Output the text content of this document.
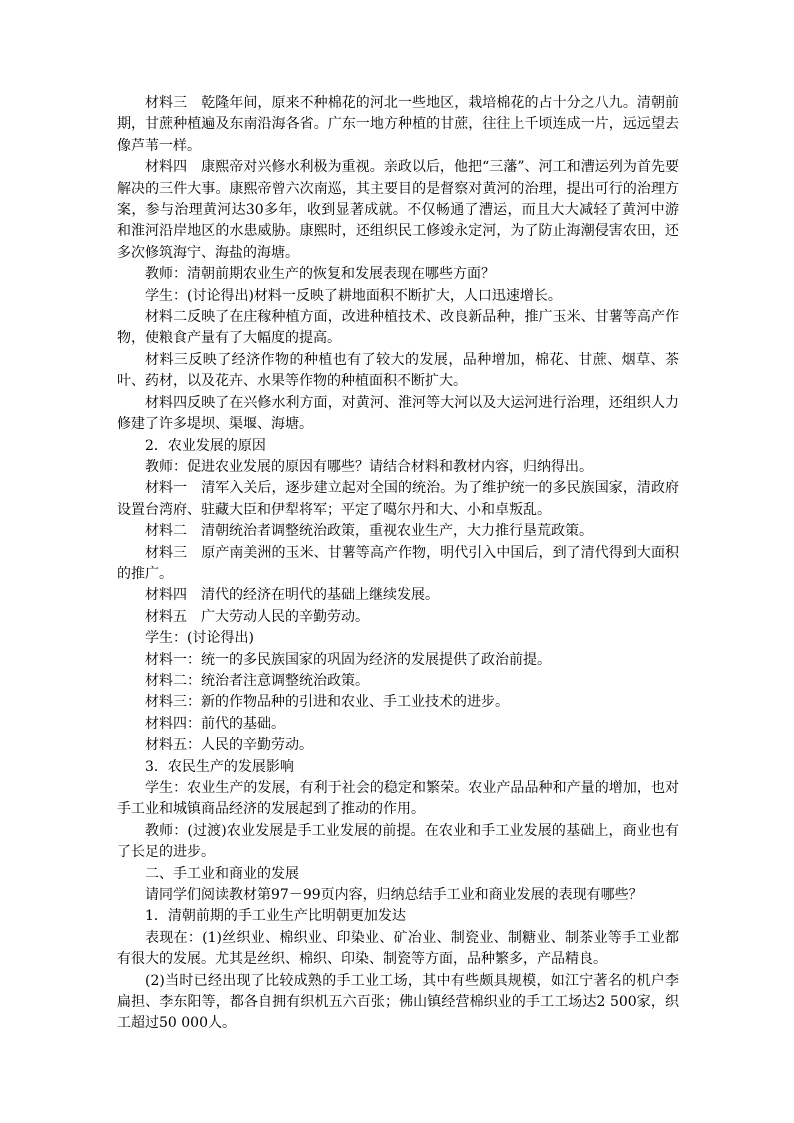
材料三　乾隆年间，原来不种棉花的河北一些地区，栽培棉花的占十分之八九。清朝前期，甘蔗种植遍及东南沿海各省。广东一地方种植的甘蔗，往往上千顷连成一片，远远望去像芦苇一样。

材料四　康熙帝对兴修水利极为重视。亲政以后，他把“三藩”、河工和漕运列为首先要解决的三件大事。康熙帝曾六次南巡，其主要目的是督察对黄河的治理，提出可行的治理方案，参与治理黄河达30多年，收到显著成就。不仅畅通了漕运，而且大大减轻了黄河中游和淮河沿岸地区的水患威胁。康熙时，还组织民工修竣永定河，为了防止海潮侵害农田，还多次修筑海宁、海盐的海塘。

教师：清朝前期农业生产的恢复和发展表现在哪些方面？

学生：(讨论得出)材料一反映了耕地面积不断扩大，人口迅速增长。

材料二反映了在庄稼种植方面，改进种植技术、改良新品种，推广玉米、甘薯等高产作物，使粮食产量有了大幅度的提高。

材料三反映了经济作物的种植也有了较大的发展，品种增加，棉花、甘蔗、烟草、茶叶、药材，以及花卉、水果等作物的种植面积不断扩大。

材料四反映了在兴修水利方面，对黄河、淮河等大河以及大运河进行治理，还组织人力修建了许多堤坝、渠堰、海塘。

2．农业发展的原因

教师：促进农业发展的原因有哪些？请结合材料和教材内容，归纳得出。

材料一　清军入关后，逐步建立起对全国的统治。为了维护统一的多民族国家，清政府设置台湾府、驻藏大臣和伊犁将军；平定了噶尔丹和大、小和卓叛乱。

材料二　清朝统治者调整统治政策，重视农业生产，大力推行垦荒政策。

材料三　原产南美洲的玉米、甘薯等高产作物，明代引入中国后，到了清代得到大面积的推广。

材料四　清代的经济在明代的基础上继续发展。

材料五　广大劳动人民的辛勤劳动。

学生：(讨论得出)

材料一：统一的多民族国家的巩固为经济的发展提供了政治前提。

材料二：统治者注意调整统治政策。

材料三：新的作物品种的引进和农业、手工业技术的进步。

材料四：前代的基础。

材料五：人民的辛勤劳动。

3．农民生产的发展影响

学生：农业生产的发展，有利于社会的稳定和繁荣。农业产品品种和产量的增加，也对手工业和城镇商品经济的发展起到了推动的作用。

教师：(过渡)农业发展是手工业发展的前提。在农业和手工业发展的基础上，商业也有了长足的进步。

二、手工业和商业的发展

请同学们阅读教材第97－99页内容，归纳总结手工业和商业发展的表现有哪些？

1．清朝前期的手工业生产比明朝更加发达

表现在：(1)丝织业、棉织业、印染业、矿冶业、制瓷业、制糖业、制茶业等手工业都有很大的发展。尤其是丝织、棉织、印染、制瓷等方面，品种繁多，产品精良。

(2)当时已经出现了比较成熟的手工业工场，其中有些颇具规模，如江宁著名的机户李扁担、李东阳等，都各自拥有织机五六百张；佛山镇经营棉织业的手工工场达2 500家，织工超过50 000人。
